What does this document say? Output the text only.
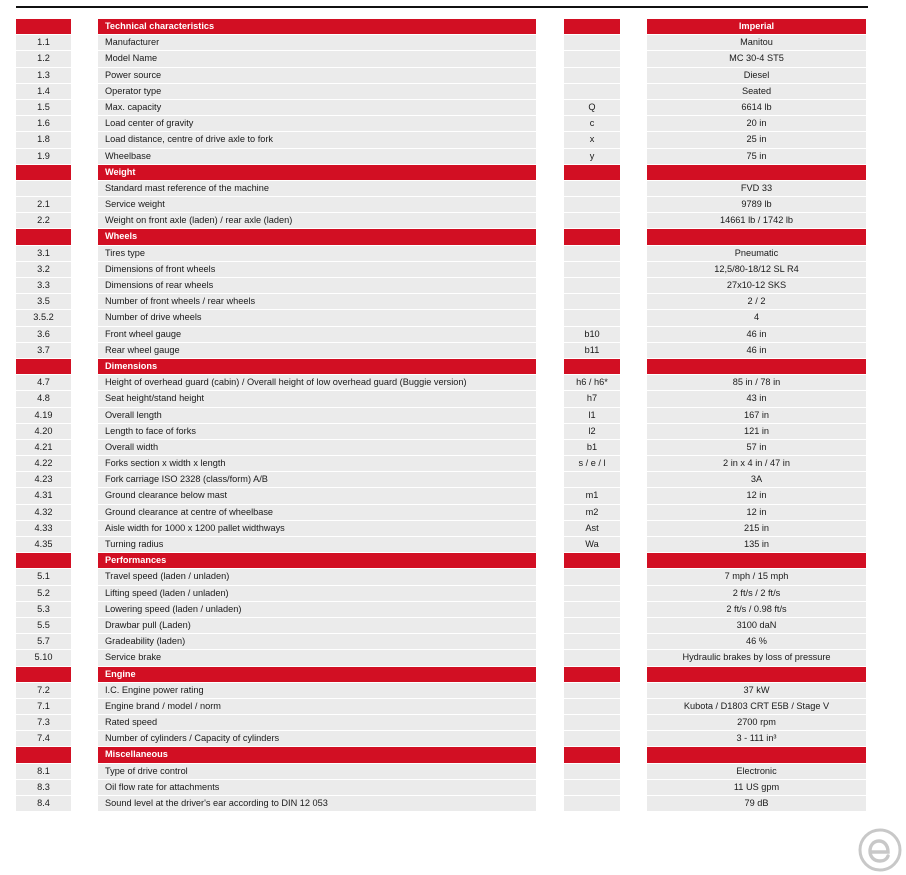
Technical characteristics	Imperial
1.1	Manufacturer	Manitou
1.2	Model Name	MC 30-4 ST5
1.3	Power source	Diesel
1.4	Operator type	Seated
1.5	Max. capacity	Q	6614 lb
1.6	Load center of gravity	c	20 in
1.8	Load distance, centre of drive axle to fork	x	25 in
1.9	Wheelbase	y	75 in
Weight
Standard mast reference of the machine	FVD 33
2.1	Service weight	9789 lb
2.2	Weight on front axle (laden) / rear axle (laden)	14661 lb / 1742 lb
Wheels
3.1	Tires type	Pneumatic
3.2	Dimensions of front wheels	12,5/80-18/12 SL R4
3.3	Dimensions of rear wheels	27x10-12 SKS
3.5	Number of front wheels / rear wheels	2 / 2
3.5.2	Number of drive wheels	4
3.6	Front wheel gauge	b10	46 in
3.7	Rear wheel gauge	b11	46 in
Dimensions
4.7	Height of overhead guard (cabin) / Overall height of low overhead guard (Buggie version)	h6 / h6*	85 in / 78 in
4.8	Seat height/stand height	h7	43 in
4.19	Overall length	l1	167 in
4.20	Length to face of forks	l2	121 in
4.21	Overall width	b1	57 in
4.22	Forks section x width x length	s / e / l	2 in x 4 in / 47 in
4.23	Fork carriage ISO 2328 (class/form) A/B	3A
4.31	Ground clearance below mast	m1	12 in
4.32	Ground clearance at centre of wheelbase	m2	12 in
4.33	Aisle width for 1000 x 1200 pallet widthways	Ast	215 in
4.35	Turning radius	Wa	135 in
Performances
5.1	Travel speed (laden / unladen)	7 mph / 15 mph
5.2	Lifting speed (laden / unladen)	2 ft/s / 2 ft/s
5.3	Lowering speed (laden / unladen)	2 ft/s / 0.98 ft/s
5.5	Drawbar pull (Laden)	3100 daN
5.7	Gradeability (laden)	46 %
5.10	Service brake	Hydraulic brakes by loss of pressure
Engine
7.2	I.C. Engine power rating	37 kW
7.1	Engine brand / model / norm	Kubota / D1803 CRT E5B / Stage V
7.3	Rated speed	2700 rpm
7.4	Number of cylinders / Capacity of cylinders	3 - 111 in³
Miscellaneous
8.1	Type of drive control	Electronic
8.3	Oil flow rate for attachments	11 US gpm
8.4	Sound level at the driver's ear according to DIN 12 053	79 dB
